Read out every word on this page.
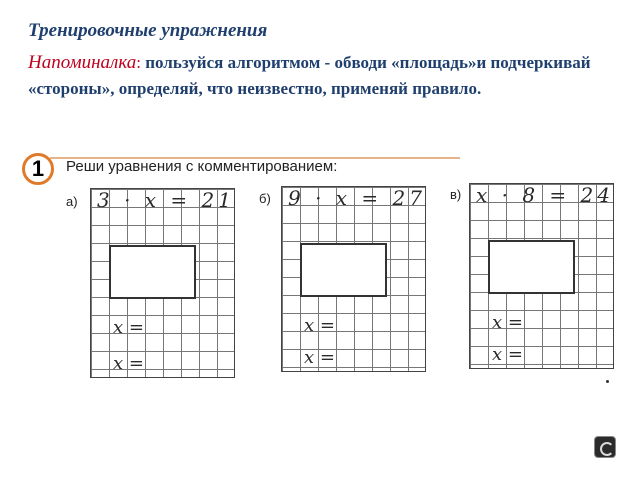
Тренировочные упражнения
Напоминалка: пользуйся алгоритмом - обводи «площадь»и подчеркивай «стороны», определяй, что неизвестно, применяй правило.
1	Реши уравнения с комментированием:
а) 3 · x = 21
x =
x =
б) 9 · x = 27
x =
x =
в) x · 8 = 24
x =
x =
